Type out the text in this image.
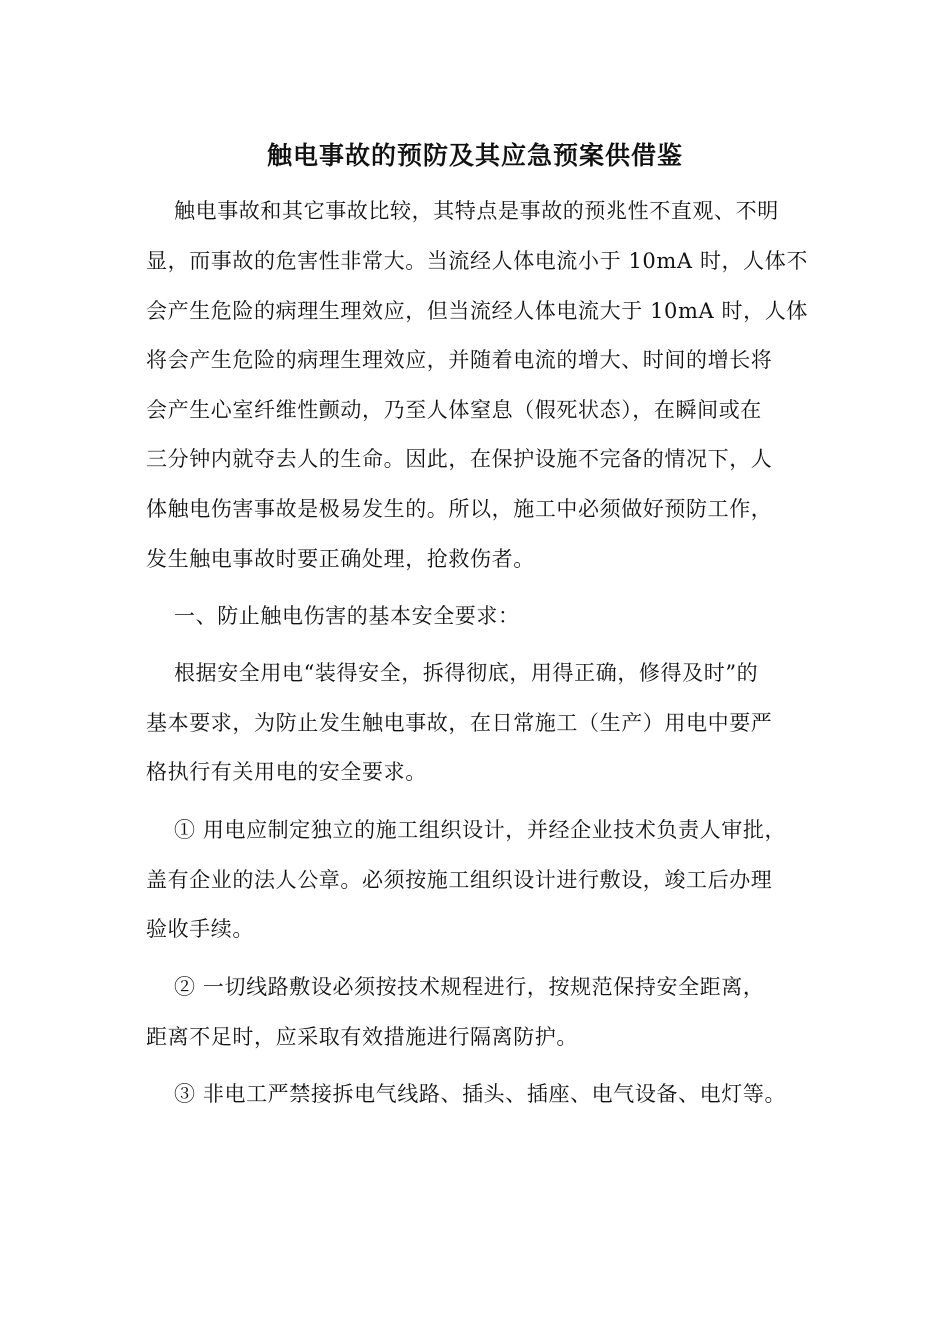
触电事故的预防及其应急预案供借鉴
触电事故和其它事故比较，其特点是事故的预兆性不直观、不明
显，而事故的危害性非常大。当流经人体电流小于 10mA 时，人体不
会产生危险的病理生理效应，但当流经人体电流大于 10mA 时，人体
将会产生危险的病理生理效应，并随着电流的增大、时间的增长将
会产生心室纤维性颤动，乃至人体窒息（假死状态），在瞬间或在
三分钟内就夺去人的生命。因此，在保护设施不完备的情况下，人
体触电伤害事故是极易发生的。所以，施工中必须做好预防工作，
发生触电事故时要正确处理，抢救伤者。
一、防止触电伤害的基本安全要求：
根据安全用电“装得安全，拆得彻底，用得正确，修得及时”的
基本要求，为防止发生触电事故，在日常施工（生产）用电中要严
格执行有关用电的安全要求。
① 用电应制定独立的施工组织设计，并经企业技术负责人审批，
盖有企业的法人公章。必须按施工组织设计进行敷设，竣工后办理
验收手续。
② 一切线路敷设必须按技术规程进行，按规范保持安全距离，
距离不足时，应采取有效措施进行隔离防护。
③ 非电工严禁接拆电气线路、插头、插座、电气设备、电灯等。
